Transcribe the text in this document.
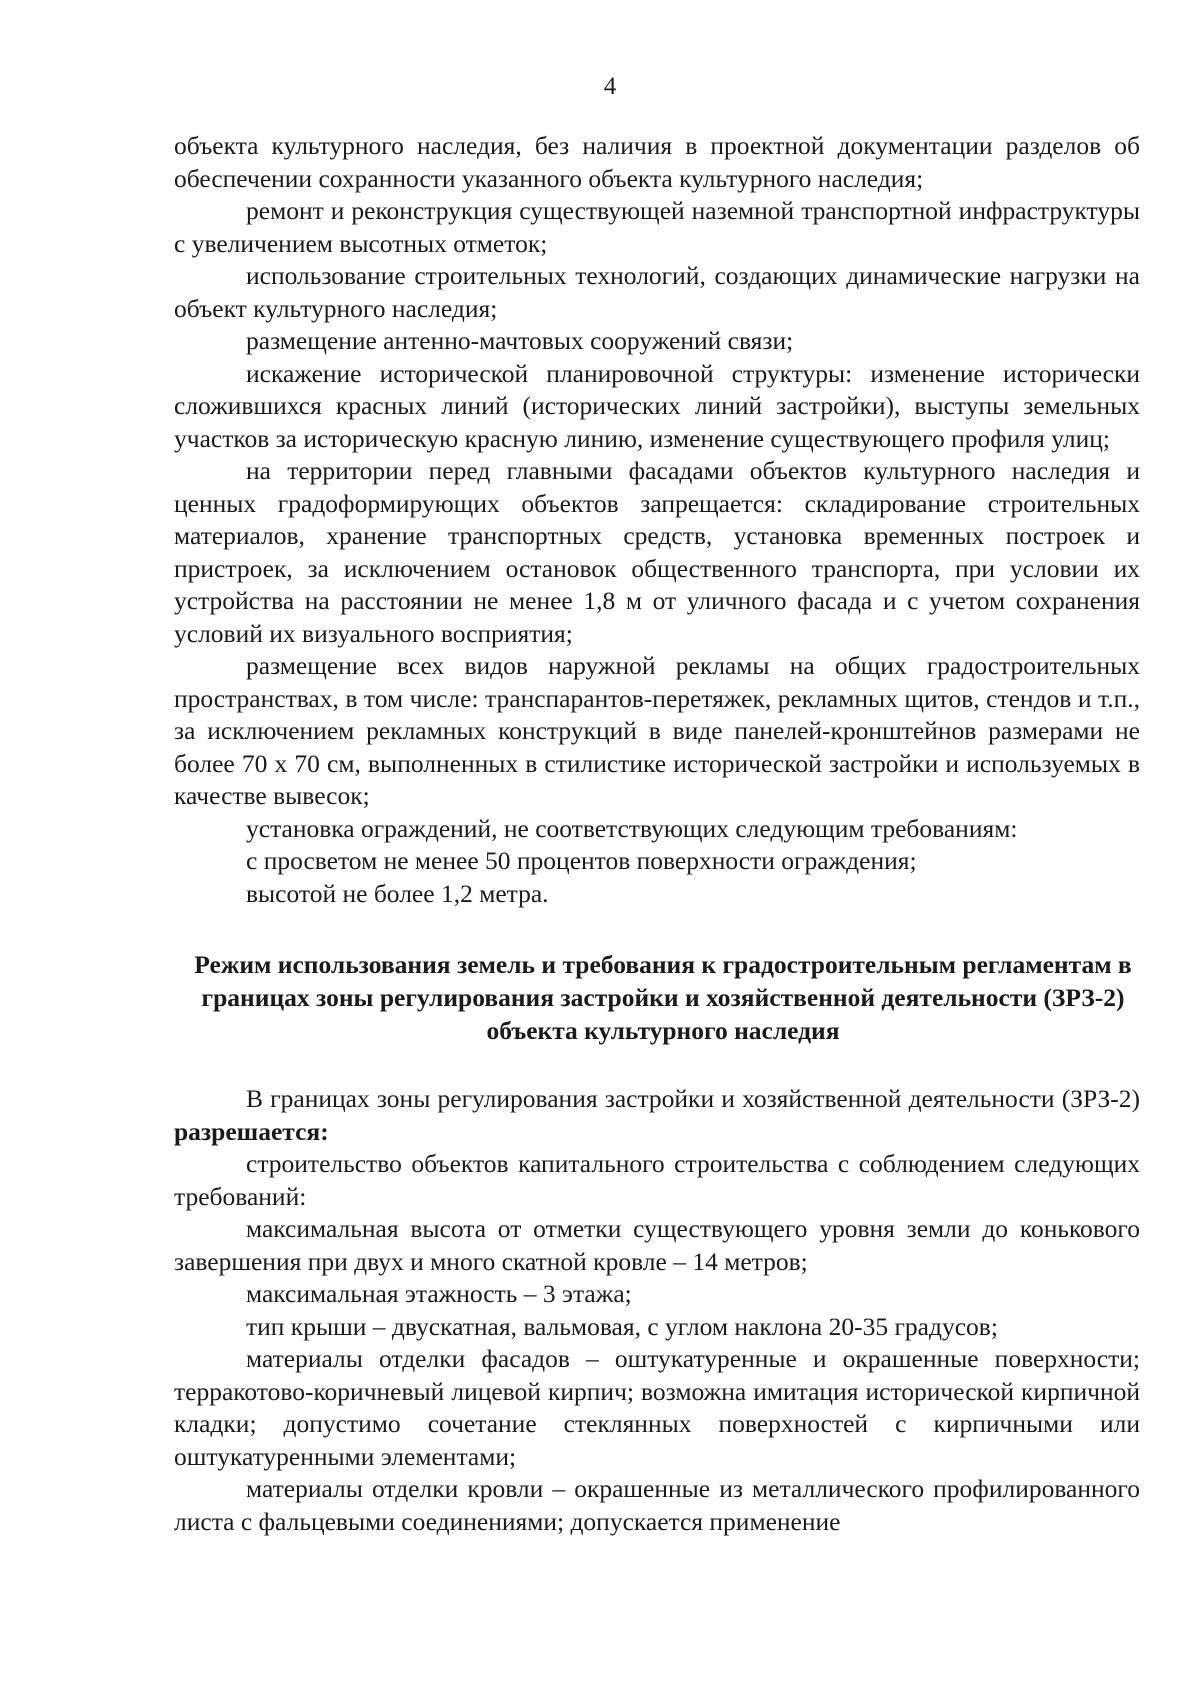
4

объекта культурного наследия, без наличия в проектной документации разделов об обеспечении сохранности указанного объекта культурного наследия;

ремонт и реконструкция существующей наземной транспортной инфраструктуры с увеличением высотных отметок;

использование строительных технологий, создающих динамические нагрузки на объект культурного наследия;

размещение антенно-мачтовых сооружений связи;

искажение исторической планировочной структуры: изменение исторически сложившихся красных линий (исторических линий застройки), выступы земельных участков за историческую красную линию, изменение существующего профиля улиц;

на территории перед главными фасадами объектов культурного наследия и ценных градоформирующих объектов запрещается: складирование строительных материалов, хранение транспортных средств, установка временных построек и пристроек, за исключением остановок общественного транспорта, при условии их устройства на расстоянии не менее 1,8 м от уличного фасада и с учетом сохранения условий их визуального восприятия;

размещение всех видов наружной рекламы на общих градостроительных пространствах, в том числе: транспарантов-перетяжек, рекламных щитов, стендов и т.п., за исключением рекламных конструкций в виде панелей-кронштейнов размерами не более 70 x 70 см, выполненных в стилистике исторической застройки и используемых в качестве вывесок;

установка ограждений, не соответствующих следующим требованиям:

с просветом не менее 50 процентов поверхности ограждения;

высотой не более 1,2 метра.

Режим использования земель и требования к градостроительным регламентам в границах зоны регулирования застройки и хозяйственной деятельности (ЗРЗ-2) объекта культурного наследия

В границах зоны регулирования застройки и хозяйственной деятельности (ЗРЗ-2) разрешается:

строительство объектов капитального строительства с соблюдением следующих требований:

максимальная высота от отметки существующего уровня земли до конькового завершения при двух и много скатной кровле – 14 метров;

максимальная этажность – 3 этажа;

тип крыши – двускатная, вальмовая, с углом наклона 20-35 градусов;

материалы отделки фасадов – оштукатуренные и окрашенные поверхности; терракотово-коричневый лицевой кирпич; возможна имитация исторической кирпичной кладки; допустимо сочетание стеклянных поверхностей с кирпичными или оштукатуренными элементами;

материалы отделки кровли – окрашенные из металлического профилированного листа с фальцевыми соединениями; допускается применение
